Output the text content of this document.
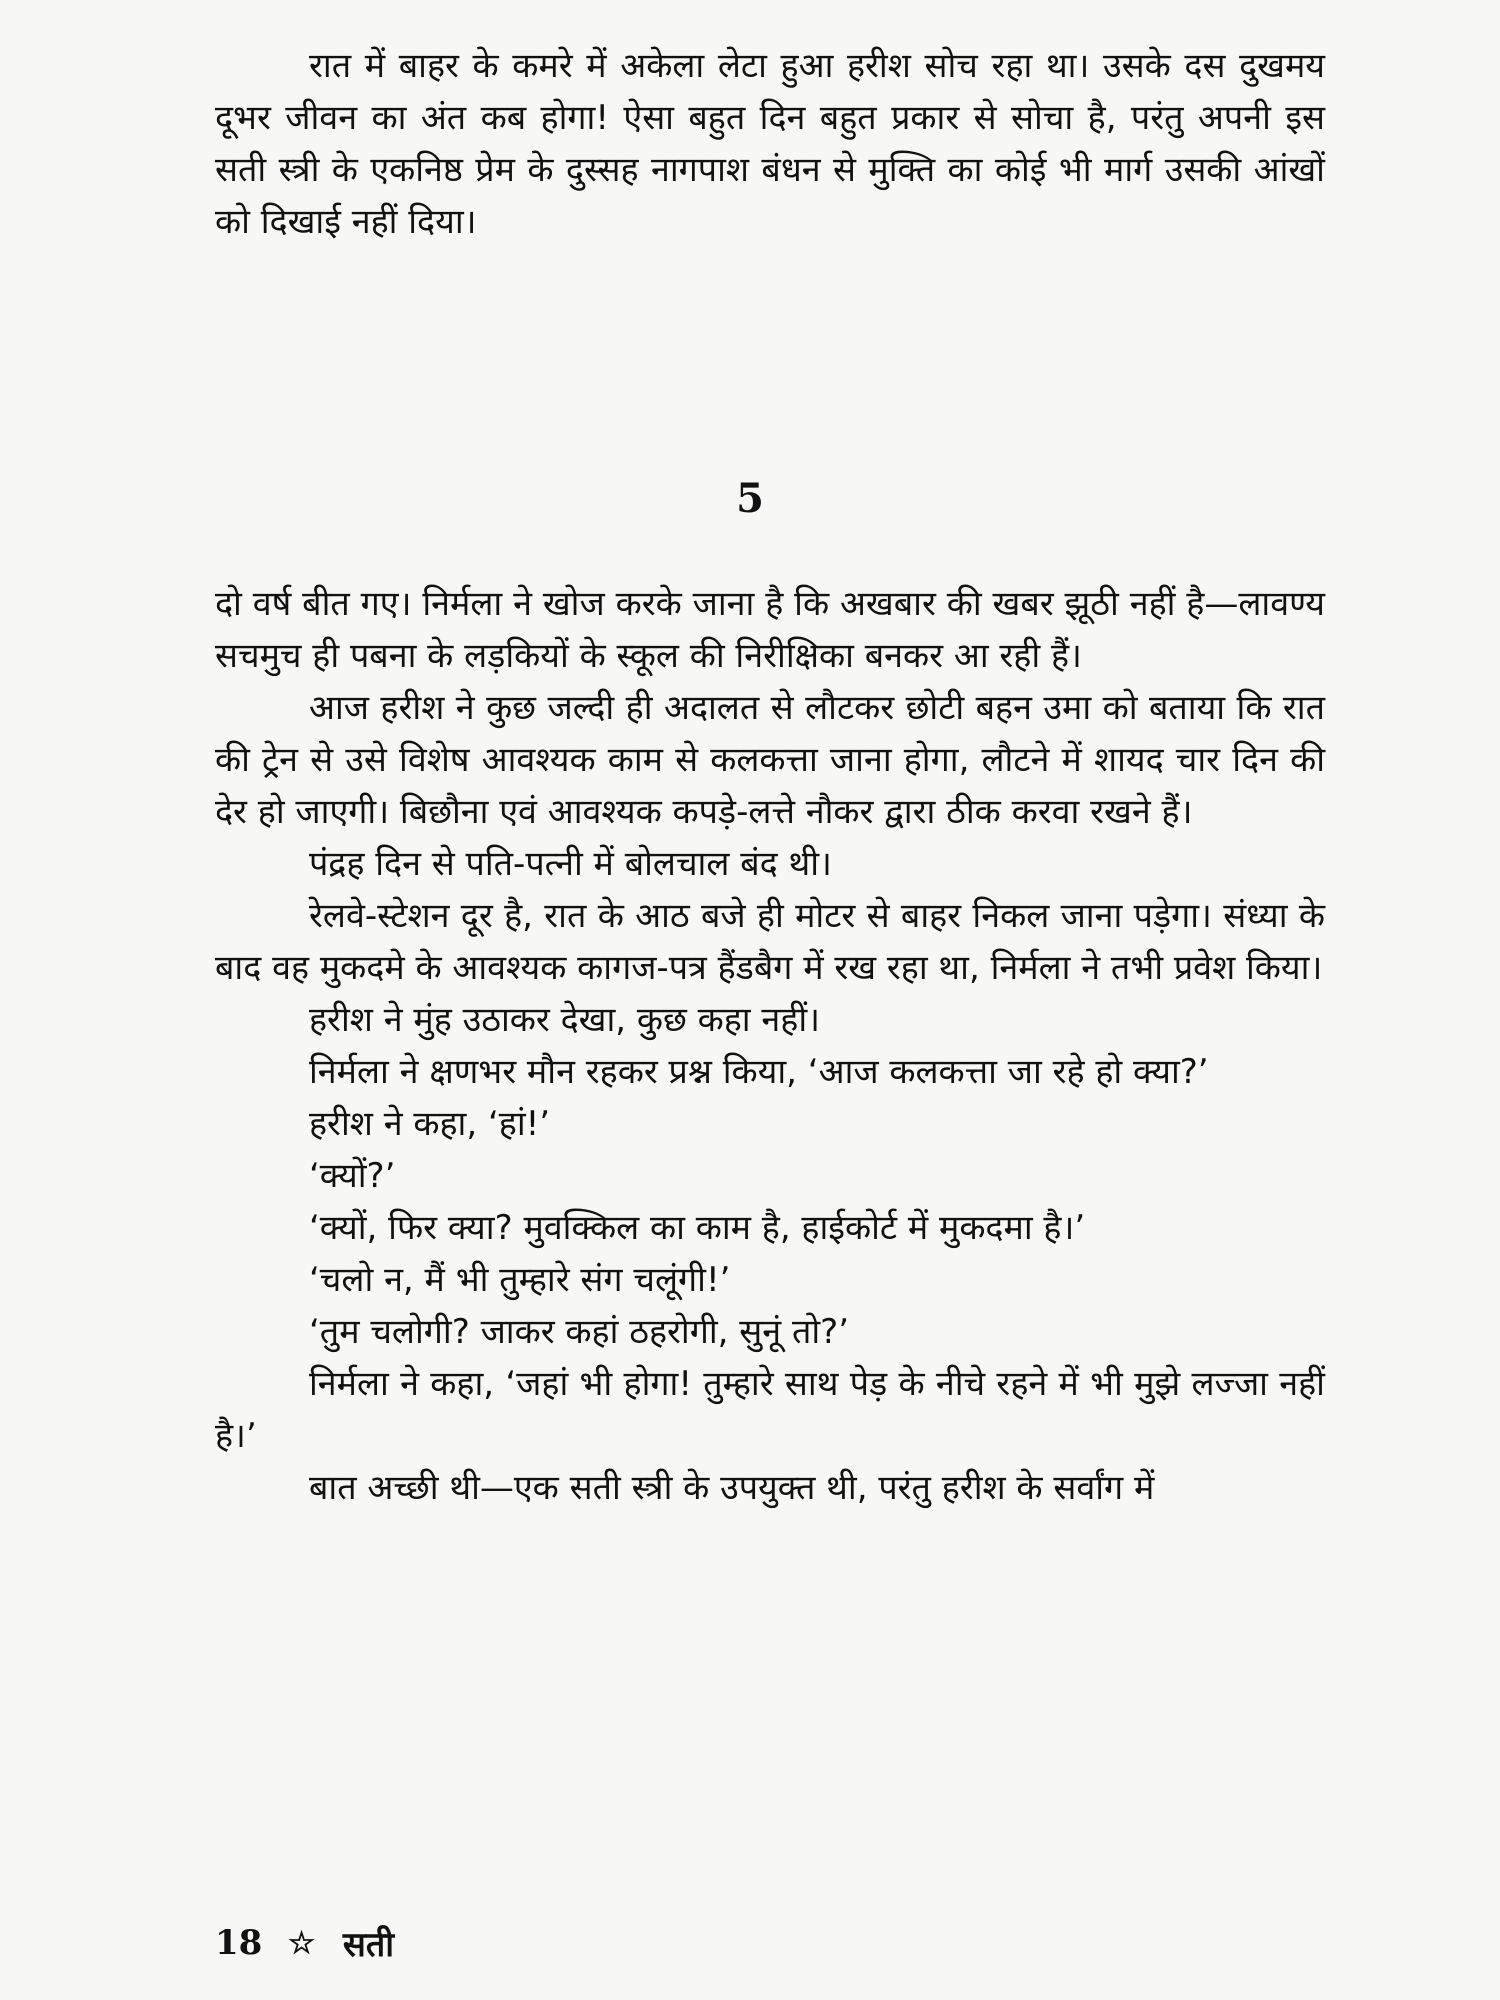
रात में बाहर के कमरे में अकेला लेटा हुआ हरीश सोच रहा था। उसके दस दुखमय दूभर जीवन का अंत कब होगा! ऐसा बहुत दिन बहुत प्रकार से सोचा है, परंतु अपनी इस सती स्त्री के एकनिष्ठ प्रेम के दुस्सह नागपाश बंधन से मुक्ति का कोई भी मार्ग उसकी आंखों को दिखाई नहीं दिया।

5

दो वर्ष बीत गए। निर्मला ने खोज करके जाना है कि अखबार की खबर झूठी नहीं है—लावण्य सचमुच ही पबना के लड़कियों के स्कूल की निरीक्षिका बनकर आ रही हैं।

आज हरीश ने कुछ जल्दी ही अदालत से लौटकर छोटी बहन उमा को बताया कि रात की ट्रेन से उसे विशेष आवश्यक काम से कलकत्ता जाना होगा, लौटने में शायद चार दिन की देर हो जाएगी। बिछौना एवं आवश्यक कपड़े-लत्ते नौकर द्वारा ठीक करवा रखने हैं।

पंद्रह दिन से पति-पत्नी में बोलचाल बंद थी।

रेलवे-स्टेशन दूर है, रात के आठ बजे ही मोटर से बाहर निकल जाना पड़ेगा। संध्या के बाद वह मुकदमे के आवश्यक कागज-पत्र हैंडबैग में रख रहा था, निर्मला ने तभी प्रवेश किया।

हरीश ने मुंह उठाकर देखा, कुछ कहा नहीं।

निर्मला ने क्षणभर मौन रहकर प्रश्न किया, ‘आज कलकत्ता जा रहे हो क्या?’

हरीश ने कहा, ‘हां!’

‘क्यों?’

‘क्यों, फिर क्या? मुवक्किल का काम है, हाईकोर्ट में मुकदमा है।’

‘चलो न, मैं भी तुम्हारे संग चलूंगी!’

‘तुम चलोगी? जाकर कहां ठहरोगी, सुनूं तो?’

निर्मला ने कहा, ‘जहां भी होगा! तुम्हारे साथ पेड़ के नीचे रहने में भी मुझे लज्जा नहीं है।’

बात अच्छी थी—एक सती स्त्री के उपयुक्त थी, परंतु हरीश के सर्वांग में

18 ☆ सती
